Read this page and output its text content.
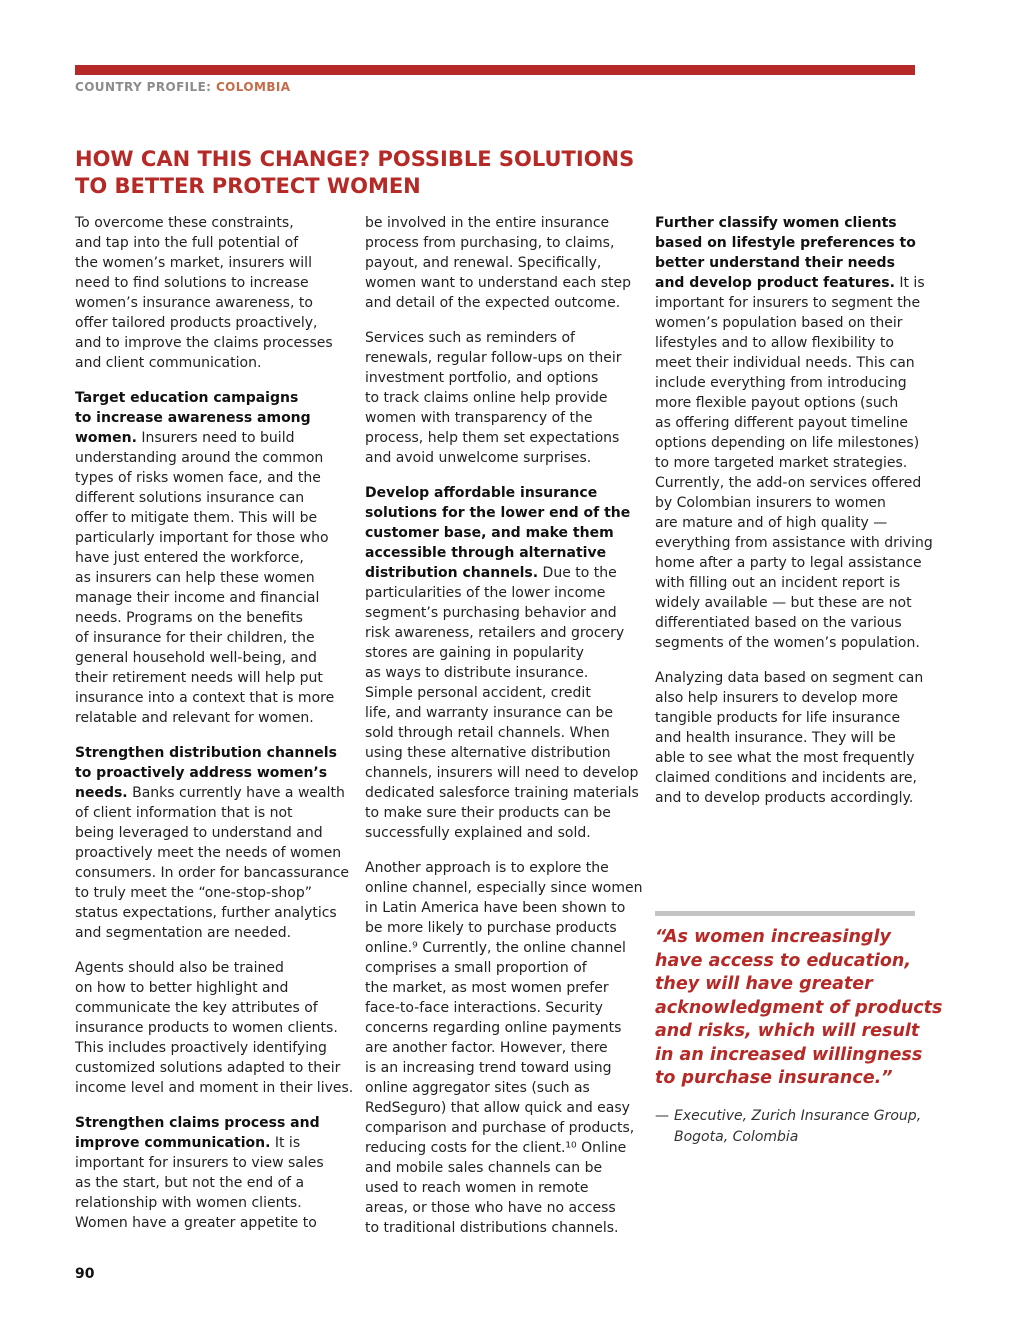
COUNTRY PROFILE: COLOMBIA
HOW CAN THIS CHANGE? POSSIBLE SOLUTIONS
TO BETTER PROTECT WOMEN

To overcome these constraints,
and tap into the full potential of
the women’s market, insurers will
need to find solutions to increase
women’s insurance awareness, to
offer tailored products proactively,
and to improve the claims processes
and client communication.

Target education campaigns
to increase awareness among
women. Insurers need to build
understanding around the common
types of risks women face, and the
different solutions insurance can
offer to mitigate them. This will be
particularly important for those who
have just entered the workforce,
as insurers can help these women
manage their income and financial
needs. Programs on the benefits
of insurance for their children, the
general household well-being, and
their retirement needs will help put
insurance into a context that is more
relatable and relevant for women.

Strengthen distribution channels
to proactively address women’s
needs. Banks currently have a wealth
of client information that is not
being leveraged to understand and
proactively meet the needs of women
consumers. In order for bancassurance
to truly meet the “one-stop-shop”
status expectations, further analytics
and segmentation are needed.

Agents should also be trained
on how to better highlight and
communicate the key attributes of
insurance products to women clients.
This includes proactively identifying
customized solutions adapted to their
income level and moment in their lives.

Strengthen claims process and
improve communication. It is
important for insurers to view sales
as the start, but not the end of a
relationship with women clients.
Women have a greater appetite to

be involved in the entire insurance
process from purchasing, to claims,
payout, and renewal. Specifically,
women want to understand each step
and detail of the expected outcome.

Services such as reminders of
renewals, regular follow-ups on their
investment portfolio, and options
to track claims online help provide
women with transparency of the
process, help them set expectations
and avoid unwelcome surprises.

Develop affordable insurance
solutions for the lower end of the
customer base, and make them
accessible through alternative
distribution channels. Due to the
particularities of the lower income
segment’s purchasing behavior and
risk awareness, retailers and grocery
stores are gaining in popularity
as ways to distribute insurance.
Simple personal accident, credit
life, and warranty insurance can be
sold through retail channels. When
using these alternative distribution
channels, insurers will need to develop
dedicated salesforce training materials
to make sure their products can be
successfully explained and sold.

Another approach is to explore the
online channel, especially since women
in Latin America have been shown to
be more likely to purchase products
online.⁹ Currently, the online channel
comprises a small proportion of
the market, as most women prefer
face-to-face interactions. Security
concerns regarding online payments
are another factor. However, there
is an increasing trend toward using
online aggregator sites (such as
RedSeguro) that allow quick and easy
comparison and purchase of products,
reducing costs for the client.¹⁰ Online
and mobile sales channels can be
used to reach women in remote
areas, or those who have no access
to traditional distributions channels.

Further classify women clients
based on lifestyle preferences to
better understand their needs
and develop product features. It is
important for insurers to segment the
women’s population based on their
lifestyles and to allow flexibility to
meet their individual needs. This can
include everything from introducing
more flexible payout options (such
as offering different payout timeline
options depending on life milestones)
to more targeted market strategies.
Currently, the add-on services offered
by Colombian insurers to women
are mature and of high quality —
everything from assistance with driving
home after a party to legal assistance
with filling out an incident report is
widely available — but these are not
differentiated based on the various
segments of the women’s population.

Analyzing data based on segment can
also help insurers to develop more
tangible products for life insurance
and health insurance. They will be
able to see what the most frequently
claimed conditions and incidents are,
and to develop products accordingly.

“As women increasingly
have access to education,
they will have greater
acknowledgment of products
and risks, which will result
in an increased willingness
to purchase insurance.”

— Executive, Zurich Insurance Group,
Bogota, Colombia
90
